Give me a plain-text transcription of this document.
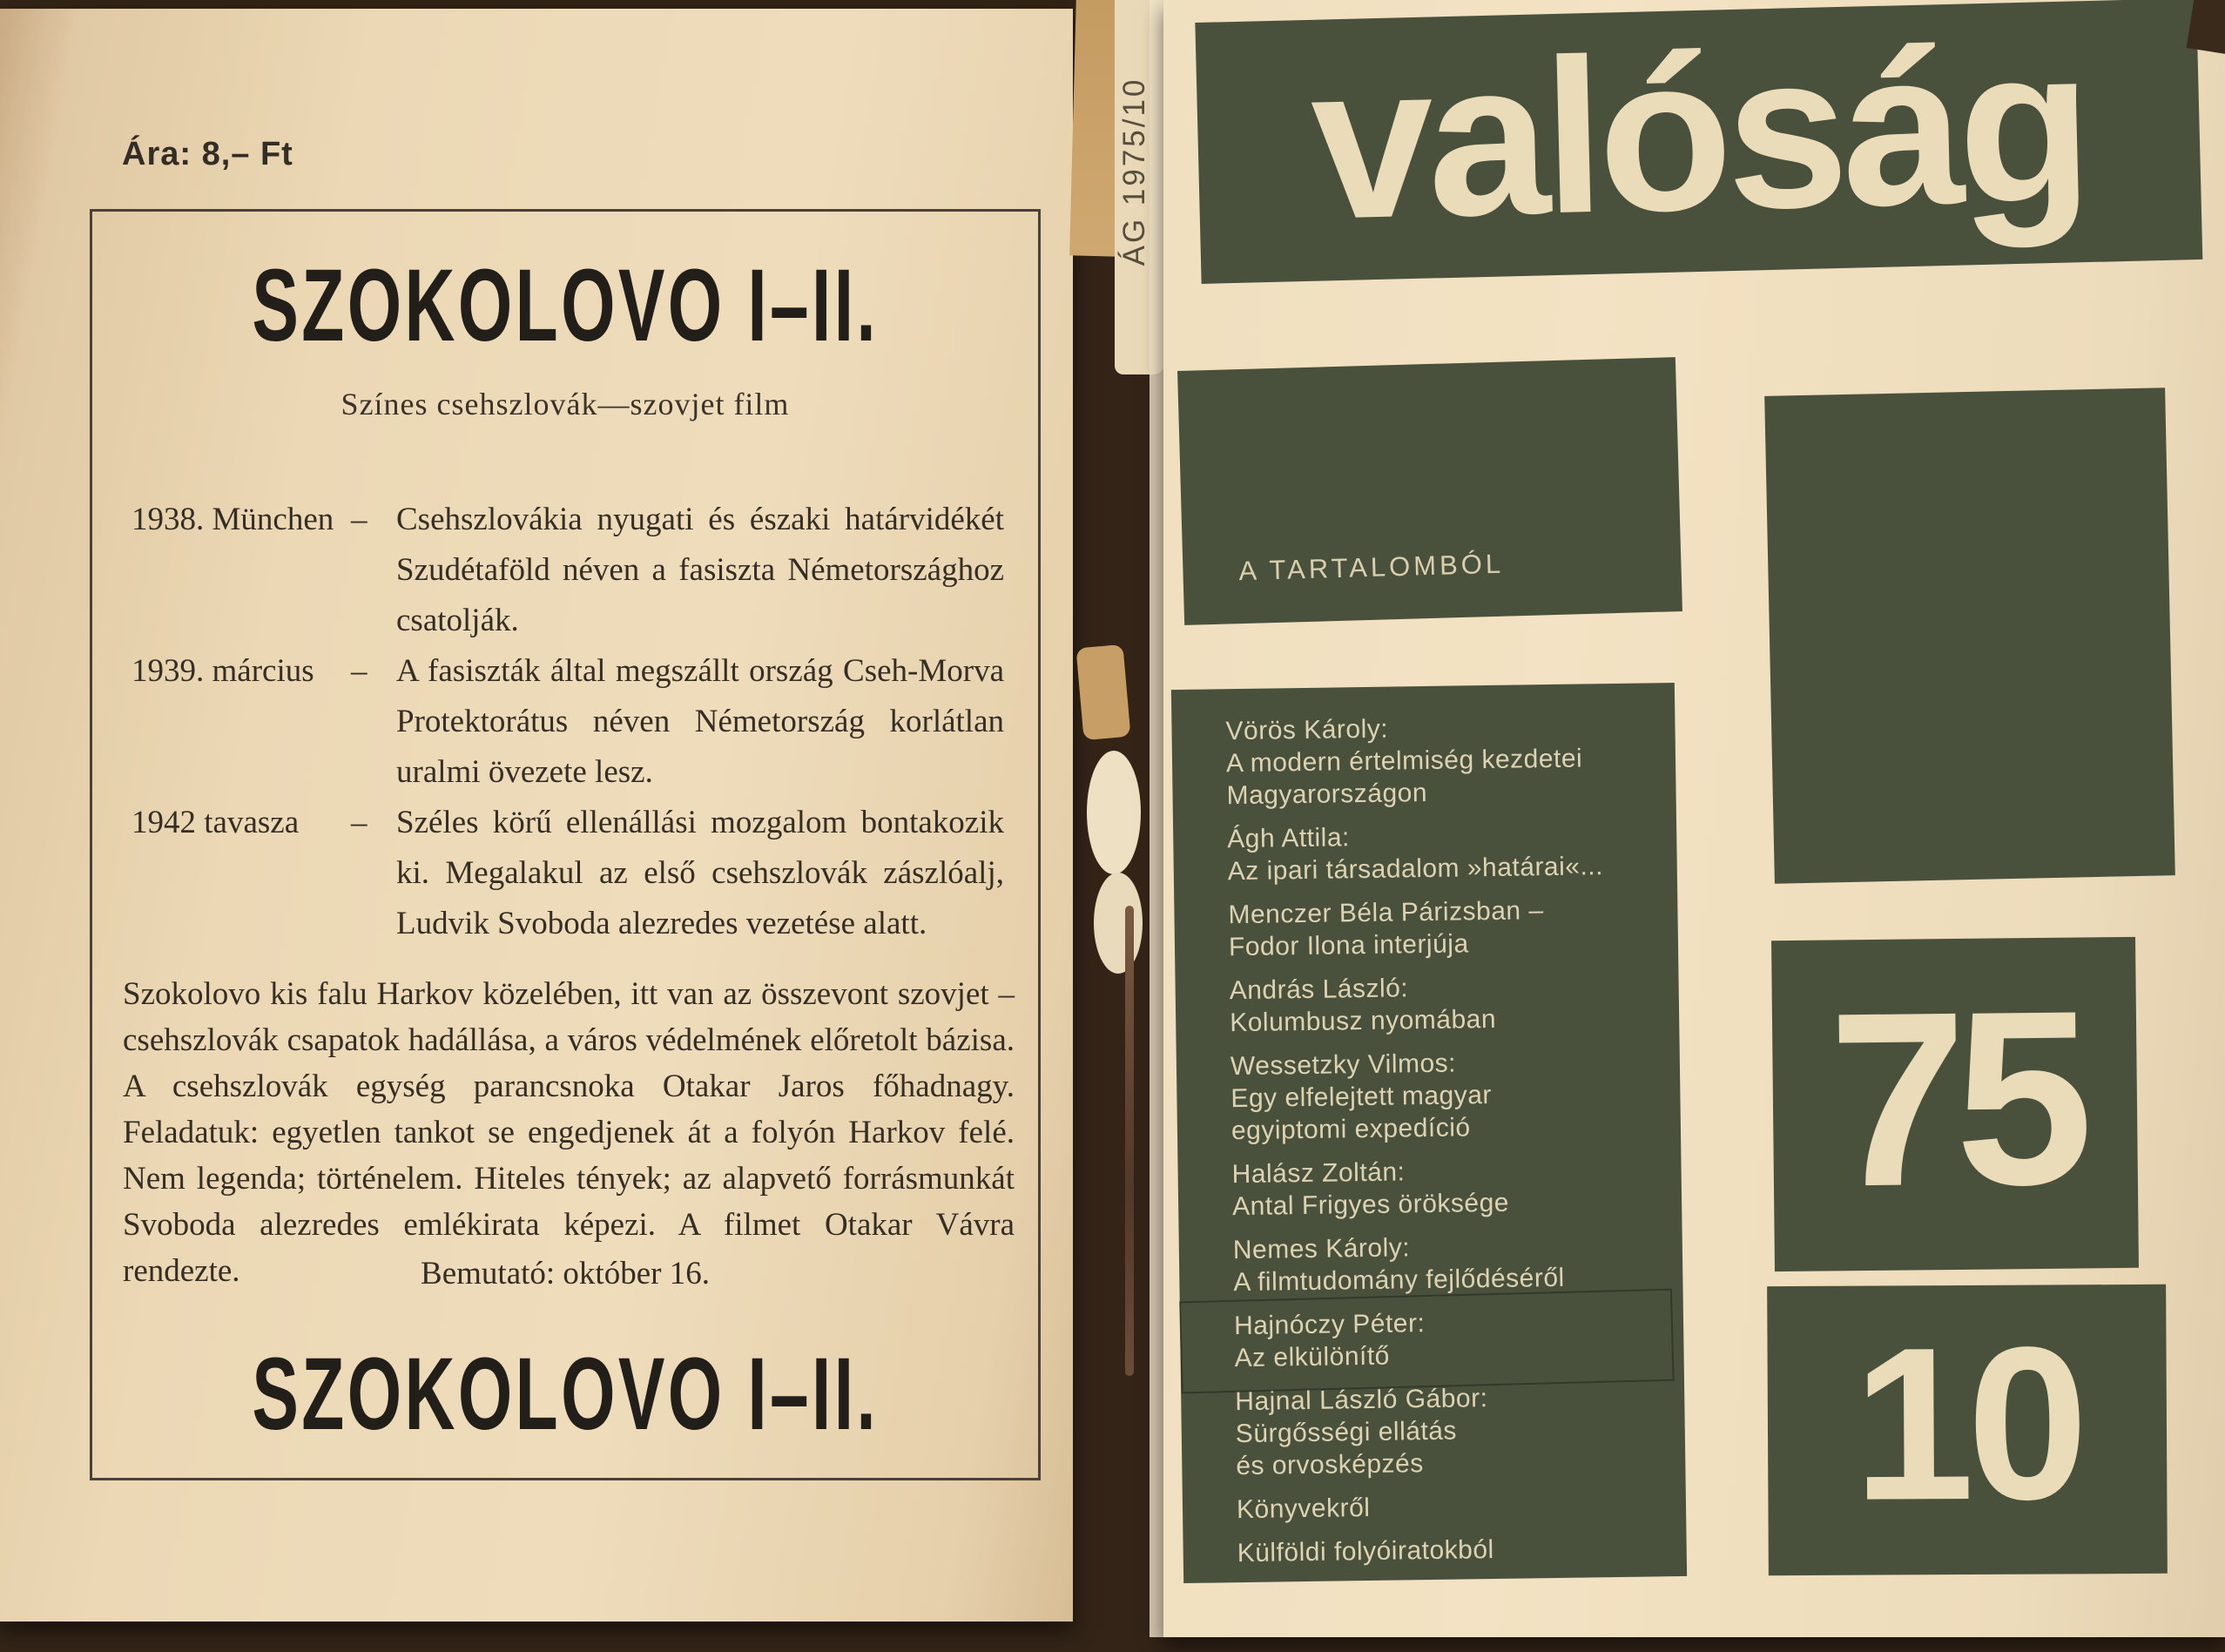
Ára: 8,– Ft
SZOKOLOVO I–II.
Színes csehszlovák—szovjet film
1938. München – Csehszlovákia nyugati és északi határvidékét Szudétaföld néven a fasiszta Németországhoz csatolják.
1939. március	– A fasiszták által megszállt ország Cseh-Morva Protektorátus néven Németország korlátlan uralmi övezete lesz.
1942 tavasza	– Széles körű ellenállási mozgalom bontakozik ki. Megalakul az első csehszlovák zászlóalj, Ludvik Svoboda alezredes vezetése alatt.
Szokolovo kis falu Harkov közelében, itt van az összevont szovjet – csehszlovák csapatok hadállása, a város védelmének előretolt bázisa. A csehszlovák egység parancsnoka Otakar Jaros főhadnagy. Feladatuk: egyetlen tankot se engedjenek át a folyón Harkov felé. Nem legenda; történelem. Hiteles tények; az alapvető forrásmunkát Svoboda alezredes emlékirata képezi. A filmet Otakar Vávra rendezte.	Bemutató: október 16.
SZOKOLOVO I–II.
ÁG 1975/10 valóság
A TARTALOMBÓL
Vörös Károly:
A modern értelmiség kezdetei
Magyarországon
Ágh Attila:
Az ipari társadalom »határai«...
Menczer Béla Párizsban –
Fodor Ilona interjúja
András László:
Kolumbusz nyomában
Wessetzky Vilmos:
Egy elfelejtett magyar
egyiptomi expedíció
Halász Zoltán:
Antal Frigyes öröksége
Nemes Károly:
A filmtudomány fejlődéséről
Hajnóczy Péter:
Az elkülönítő
Hajnal László Gábor:
Sürgősségi ellátás
és orvosképzés
Könyvekről
Külföldi folyóiratokból
75
10
